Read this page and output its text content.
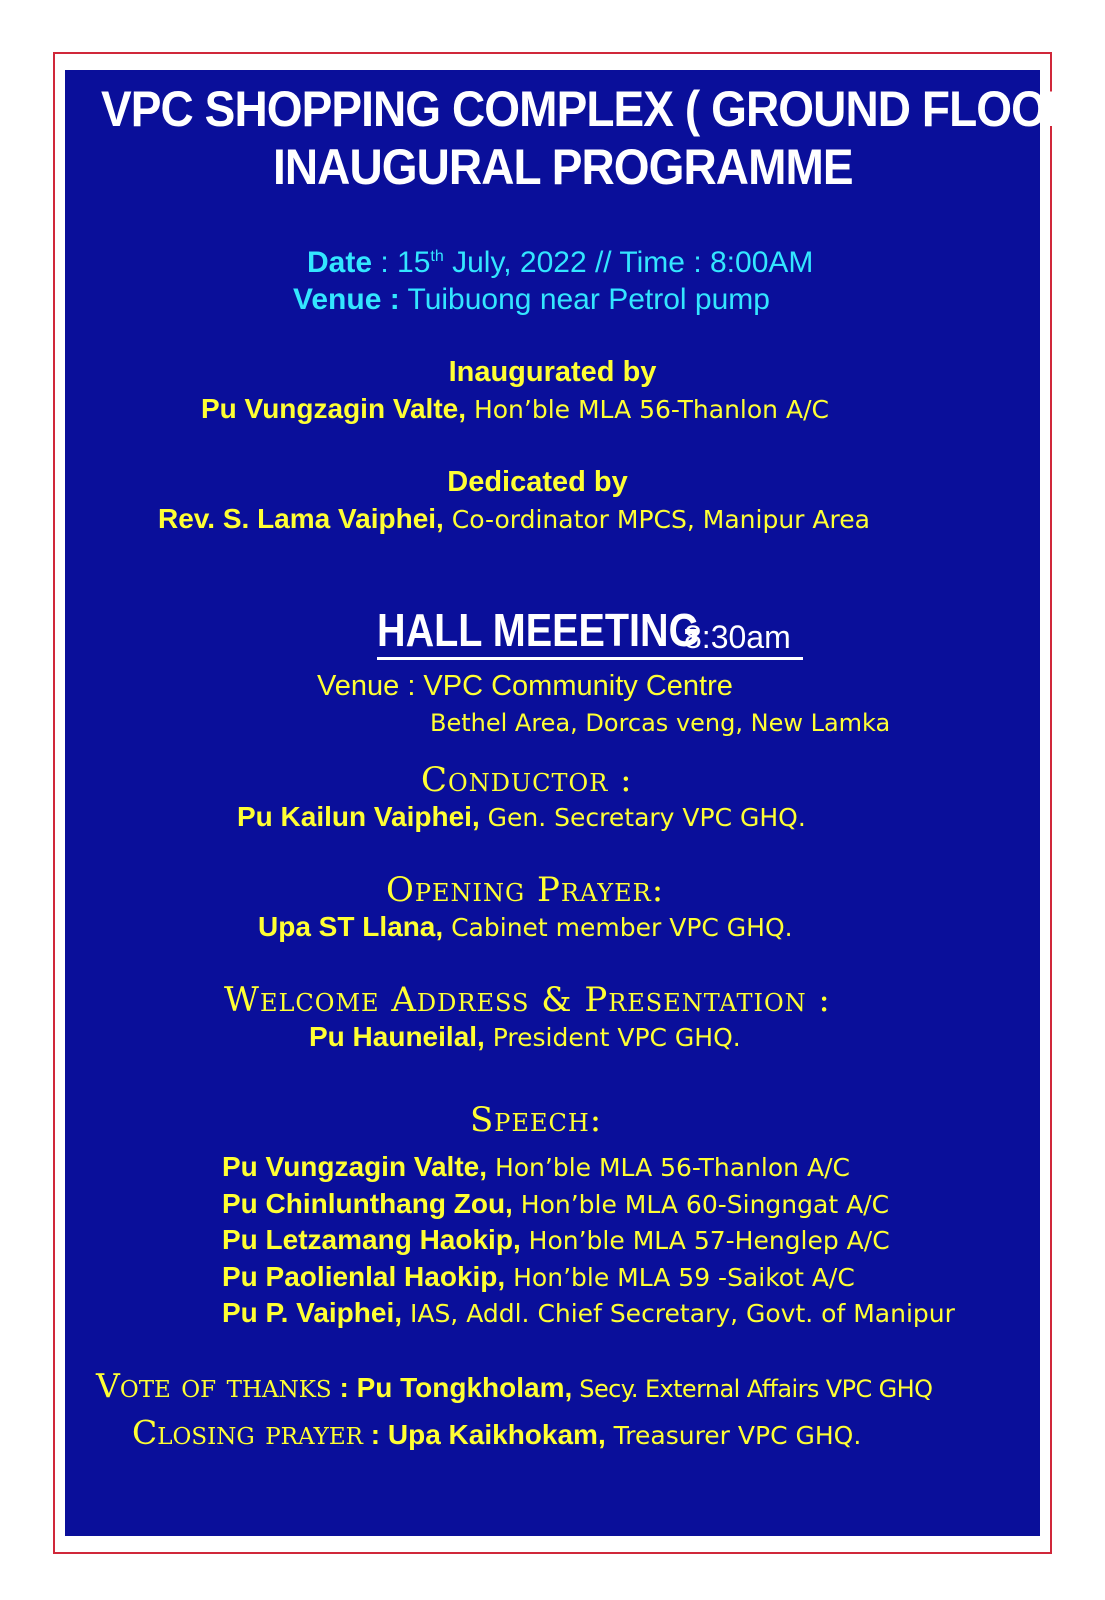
VPC SHOPPING COMPLEX ( GROUND FLOOR )
INAUGURAL PROGRAMME
Date : 15th July, 2022 // Time : 8:00AM
Venue : Tuibuong near Petrol pump
Inaugurated by
Pu Vungzagin Valte, Hon’ble MLA 56-Thanlon A/C
Dedicated by
Rev. S. Lama Vaiphei, Co-ordinator MPCS, Manipur Area
HALL MEEETING
8:30am
Venue : VPC Community Centre
Bethel Area, Dorcas veng, New Lamka
Conductor :
Pu Kailun Vaiphei, Gen. Secretary VPC GHQ.
Opening Prayer:
Upa ST Llana, Cabinet member VPC GHQ.
Welcome Address & Presentation :
Pu Hauneilal, President VPC GHQ.
Speech:
Pu Vungzagin Valte, Hon’ble MLA 56-Thanlon A/C
Pu Chinlunthang Zou, Hon’ble MLA 60-Singngat A/C
Pu Letzamang Haokip, Hon’ble MLA 57-Henglep A/C
Pu Paolienlal Haokip, Hon’ble MLA 59 -Saikot A/C
Pu P. Vaiphei, IAS, Addl. Chief Secretary, Govt. of Manipur
Vote of thanks : Pu Tongkholam, Secy. External Affairs VPC GHQ
Closing prayer : Upa Kaikhokam, Treasurer VPC GHQ.
